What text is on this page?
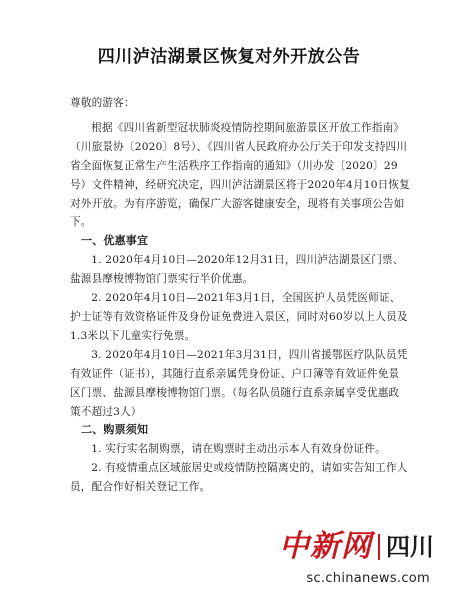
四川泸沽湖景区恢复对外开放公告

尊敬的游客：

根据《四川省新型冠状肺炎疫情防控期间旅游景区开放工作指南》（川旅景协〔2020〕8号）、《四川省人民政府办公厅关于印发支持四川省全面恢复正常生产生活秩序工作指南的通知》（川办发〔2020〕29号）文件精神，经研究决定，四川泸沽湖景区将于2020年4月10日恢复对外开放。为有序游览，确保广大游客健康安全，现将有关事项公告如下。

一、优惠事宜

1. 2020年4月10日—2020年12月31日，四川泸沽湖景区门票、盐源县摩梭博物馆门票实行半价优惠。

2. 2020年4月10日—2021年3月1日，全国医护人员凭医师证、护士证等有效资格证件及身份证免费进入景区，同时对60岁以上人员及1.3米以下儿童实行免票。

3. 2020年4月10日—2021年3月31日，四川省援鄂医疗队队员凭有效证件（证书），其随行直系亲属凭身份证、户口簿等有效证件免景区门票、盐源县摩梭博物馆门票。（每名队员随行直系亲属享受优惠政策不超过3人）

二、购票须知

1. 实行实名制购票，请在购票时主动出示本人有效身份证件。

2. 有疫情重点区域旅居史或疫情防控隔离史的，请如实告知工作人员，配合作好相关登记工作。

中新网 四川
sc.chinanews.com
